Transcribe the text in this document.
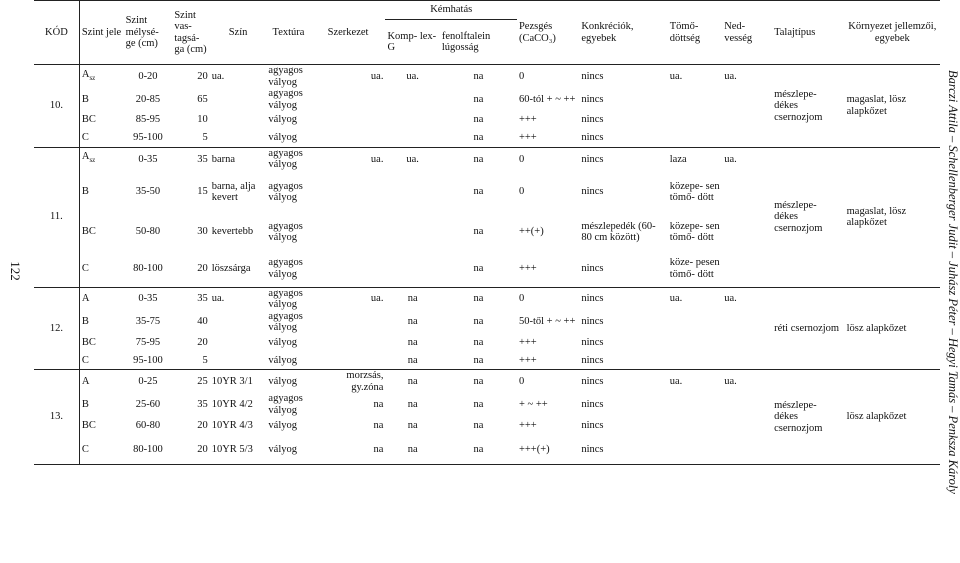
122	Barczi Attila – Schellenberger Judit – Juhász Péter – Hegyi Tamás – Penksza Károly
KÓD	Szint jele	Szint mélysé- ge (cm)	Szint vas- tagsá- ga (cm)	Szín	Textúra	Szerkezet	Kémhatás		Pezsgés (CaCO₃)	Konkréciók, egyebek	Tömő- döttség	Ned- vesség	Talajtípus	Környezet jellemzői, egyebek
							Komp- lex-G	fenolftalein lúgosság						
10.	$A_{sz}$	0-20	20	ua.	agyagos vályog	ua.	ua.	na	0	nincs	ua.	ua.	mészlepe- dékes csernozjom	magaslat, lösz alapkőzet
	B	20-85	65		agyagos vályog			na	60-tól + ~ ++	nincs				
	BC	85-95	10		vályog			na	+++	nincs				
	C	95-100	5		vályog			na	+++	nincs				
11.	$A_{sz}$	0-35	35	barna	agyagos vályog	ua.	ua.	na	0	nincs	laza	ua.	mészlepe- dékes csernozjom	magaslat, lösz alapkőzet
	B	35-50	15	barna, alja kevert	agyagos vályog			na	0	nincs	közepe- sen tömő- dött			
	BC	50-80	30	kevertebb	agyagos vályog			na	++(+)	mészlepedék (60-80 cm között)	közepe- sen tömő- dött			
	C	80-100	20	löszsárga	agyagos vályog			na	+++	nincs	köze- pesen tömő- dött			
12.	A	0-35	35	ua.	agyagos vályog	ua.	na	na	0	nincs	ua.	ua.	réti csernozjom	lösz alapkőzet
	B	35-75	40		agyagos vályog		na	na	50-től + ~ ++	nincs				
	BC	75-95	20		vályog		na	na	+++	nincs				
	C	95-100	5		vályog		na	na	+++	nincs				
13.	A	0-25	25	10YR 3/1	vályog	morzsás, gy.zóna	na	na	0	nincs	ua.	ua.	mészlepe- dékes csernozjom	lösz alapkőzet
	B	25-60	35	10YR 4/2	agyagos vályog	na	na	na	+ ~ ++	nincs				
	BC	60-80	20	10YR 4/3	vályog	na	na	na	+++	nincs				
	C	80-100	20	10YR 5/3	vályog	na	na	na	+++(+)	nincs				
